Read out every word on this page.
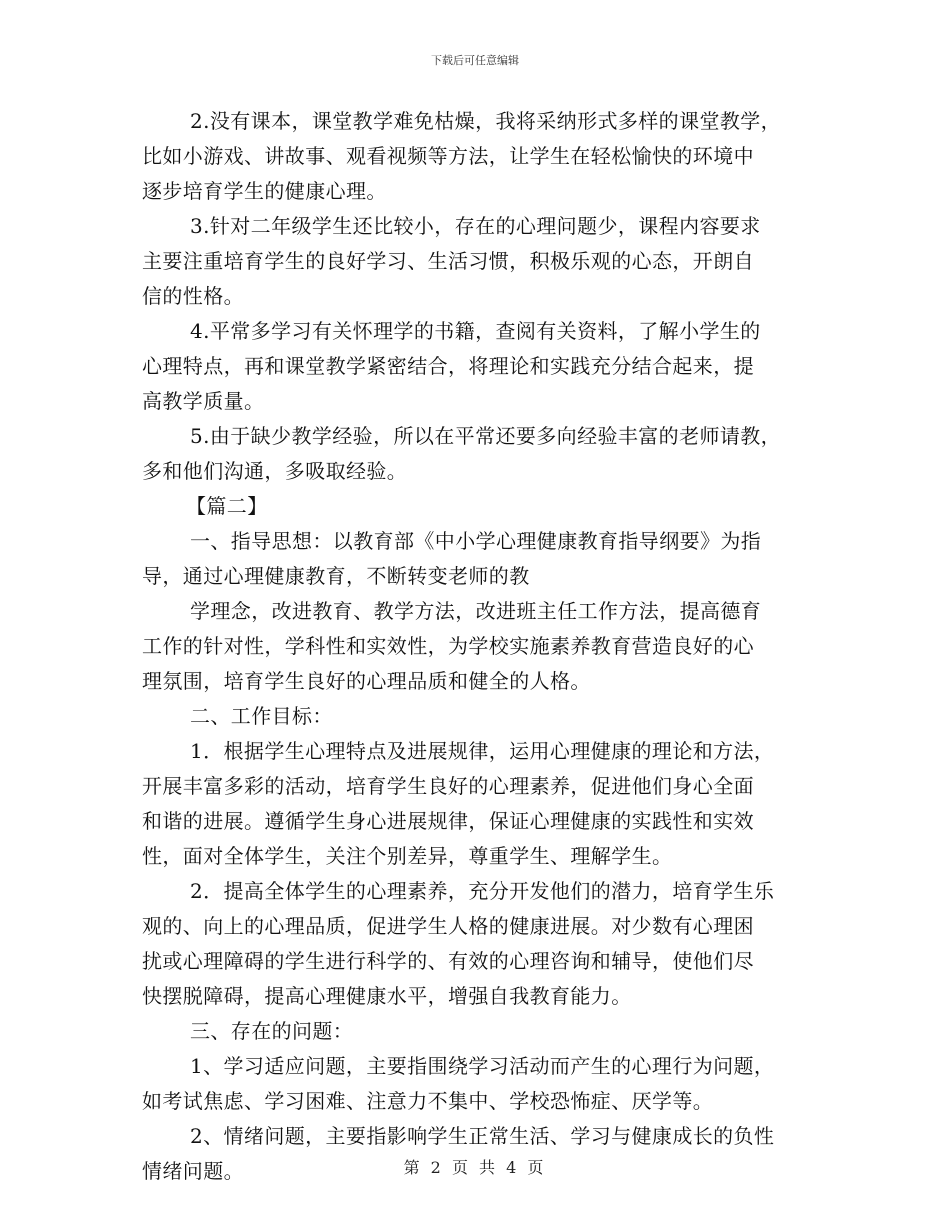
下载后可任意编辑
2.没有课本，课堂教学难免枯燥，我将采纳形式多样的课堂教学，
比如小游戏、讲故事、观看视频等方法，让学生在轻松愉快的环境中
逐步培育学生的健康心理。
3.针对二年级学生还比较小，存在的心理问题少，课程内容要求
主要注重培育学生的良好学习、生活习惯，积极乐观的心态，开朗自
信的性格。
4.平常多学习有关怀理学的书籍，查阅有关资料，了解小学生的
心理特点，再和课堂教学紧密结合，将理论和实践充分结合起来，提
高教学质量。
5.由于缺少教学经验，所以在平常还要多向经验丰富的老师请教，
多和他们沟通，多吸取经验。
【篇二】
一、指导思想：以教育部《中小学心理健康教育指导纲要》为指
导，通过心理健康教育，不断转变老师的教
学理念，改进教育、教学方法，改进班主任工作方法，提高德育
工作的针对性，学科性和实效性，为学校实施素养教育营造良好的心
理氛围，培育学生良好的心理品质和健全的人格。
二、工作目标：
1．根据学生心理特点及进展规律，运用心理健康的理论和方法，
开展丰富多彩的活动，培育学生良好的心理素养，促进他们身心全面
和谐的进展。遵循学生身心进展规律，保证心理健康的实践性和实效
性，面对全体学生，关注个别差异，尊重学生、理解学生。
2．提高全体学生的心理素养，充分开发他们的潜力，培育学生乐
观的、向上的心理品质，促进学生人格的健康进展。对少数有心理困
扰或心理障碍的学生进行科学的、有效的心理咨询和辅导，使他们尽
快摆脱障碍，提高心理健康水平，增强自我教育能力。
三、存在的问题：
1、学习适应问题，主要指围绕学习活动而产生的心理行为问题，
如考试焦虑、学习困难、注意力不集中、学校恐怖症、厌学等。
2、情绪问题，主要指影响学生正常生活、学习与健康成长的负性
情绪问题。	第 2 页 共 4 页
